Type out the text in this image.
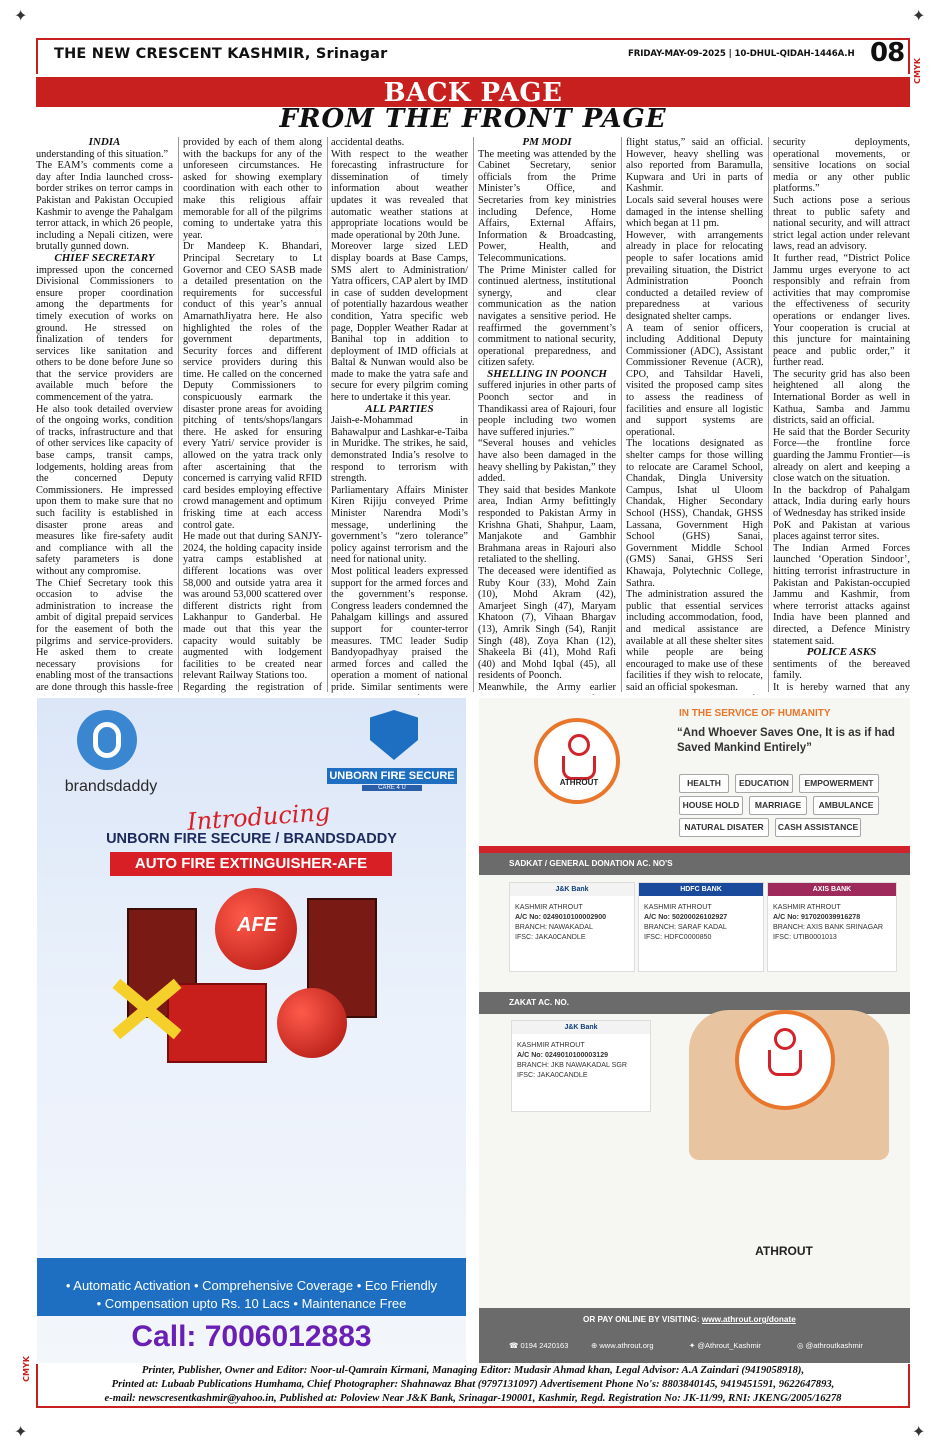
✦	✦
✦	✦
CMYK
CMYK
THE NEW CRESCENT KASHMIR, Srinagar	FRIDAY-MAY-09-2025 | 10-DHUL-QIDAH-1446A.H 08
BACK PAGE
FROM THE FRONT PAGE
INDIA

understanding of this situation.”

The EAM’s comments come a day after India launched cross-border strikes on terror camps in Pakistan and Pakistan Occupied Kashmir to avenge the Pahalgam terror attack, in which 26 people, including a Nepali citizen, were brutally gunned down.

CHIEF SECRETARY

impressed upon the concerned Divisional Commissioners to ensure proper coordination among the departments for timely execution of works on ground. He stressed on finalization of tenders for services like sanitation and others to be done before June so that the service providers are available much before the commencement of the yatra.

He also took detailed overview of the ongoing works, condition of tracks, infrastructure and that of other services like capacity of base camps, transit camps, lodgements, holding areas from the concerned Deputy Commissioners. He impressed upon them to make sure that no such facility is established in disaster prone areas and measures like fire-safety audit and compliance with all the safety parameters is done without any compromise.

The Chief Secretary took this occasion to advise the administration to increase the ambit of digital prepaid services for the easement of both the pilgrims and service-providers. He asked them to create necessary provisions for enabling most of the transactions are done through this hassle-free

provided by each of them along with the backups for any of the unforeseen circumstances. He asked for showing exemplary coordination with each other to make this religious affair memorable for all of the pilgrims coming to undertake yatra this year.

Dr Mandeep K. Bhandari, Principal Secretary to Lt Governor and CEO SASB made a detailed presentation on the requirements for successful conduct of this year’s annual AmarnathJiyatra here. He also highlighted the roles of the government departments, Security forces and different service providers during this time. He called on the concerned Deputy Commissioners to conspicuously earmark the disaster prone areas for avoiding pitching of tents/shops/langars there. He asked for ensuring every Yatri/ service provider is allowed on the yatra track only after ascertaining that the concerned is carrying valid RFID card besides employing effective crowd management and optimum frisking time at each access control gate.

He made out that during SANJY-2024, the holding capacity inside yatra camps established at different locations was over 58,000 and outside yatra area it was around 53,000 scattered over different districts right from Lakhanpur to Ganderbal. He made out that this year the capacity would suitably be augmented with lodgement facilities to be created near relevant Railway Stations too.

Regarding the registration of

accidental deaths.

With respect to the weather forecasting infrastructure for dissemination of timely information about weather updates it was revealed that automatic weather stations at appropriate locations would be made operational by 20th June.

Moreover large sized LED display boards at Base Camps, SMS alert to Administration/ Yatra officers, CAP alert by IMD in case of sudden development of potentially hazardous weather condition, Yatra specific web page, Doppler Weather Radar at Banihal top in addition to deployment of IMD officials at Baltal & Nunwan would also be made to make the yatra safe and secure for every pilgrim coming here to undertake it this year.

ALL PARTIES

Jaish-e-Mohammad in Bahawalpur and Lashkar-e-Taiba in Muridke. The strikes, he said, demonstrated India’s resolve to respond to terrorism with strength.

Parliamentary Affairs Minister Kiren Rijiju conveyed Prime Minister Narendra Modi’s message, underlining the government’s “zero tolerance” policy against terrorism and the need for national unity.

Most political leaders expressed support for the armed forces and the government’s response. Congress leaders condemned the Pahalgam killings and assured support for counter-terror measures. TMC leader Sudip Bandyopadhyay praised the armed forces and called the operation a moment of national pride. Similar sentiments were

PM MODI

The meeting was attended by the Cabinet Secretary, senior officials from the Prime Minister’s Office, and Secretaries from key ministries including Defence, Home Affairs, External Affairs, Information & Broadcasting, Power, Health, and Telecommunications.

The Prime Minister called for continued alertness, institutional synergy, and clear communication as the nation navigates a sensitive period. He reaffirmed the government’s commitment to national security, operational preparedness, and citizen safety.

SHELLING IN POONCH

suffered injuries in other parts of Poonch sector and in Thandikassi area of Rajouri, four people including two women have suffered injuries.”

“Several houses and vehicles have also been damaged in the heavy shelling by Pakistan,” they added.

They said that besides Mankote area, Indian Army befittingly responded to Pakistan Army in Krishna Ghati, Shahpur, Laam, Manjakote and Gambhir Brahmana areas in Rajouri also retaliated to the shelling.

The deceased were identified as Ruby Kour (33), Mohd Zain (10), Mohd Akram (42), Amarjeet Singh (47), Maryam Khatoon (7), Vihaan Bhargav (13), Amrik Singh (54), Ranjit Singh (48), Zoya Khan (12), Shakeela Bi (41), Mohd Rafi (40) and Mohd Iqbal (45), all residents of Poonch.

Meanwhile, the Army earlier

flight status,” said an official. However, heavy shelling was also reported from Baramulla, Kupwara and Uri in parts of Kashmir.

Locals said several houses were damaged in the intense shelling which began at 11 pm.

However, with arrangements already in place for relocating people to safer locations amid prevailing situation, the District Administration Poonch conducted a detailed review of preparedness at various designated shelter camps.

A team of senior officers, including Additional Deputy Commissioner (ADC), Assistant Commissioner Revenue (ACR), CPO, and Tahsildar Haveli, visited the proposed camp sites to assess the readiness of facilities and ensure all logistic and support systems are operational.

The locations designated as shelter camps for those willing to relocate are Caramel School, Chandak, Dingla University Campus, Ishat ul Uloom Chandak, Higher Secondary School (HSS), Chandak, GHSS Lassana, Government High School (GHS) Sanai, Government Middle School (GMS) Sanai, GHSS Seri Khawaja, Polytechnic College, Sathra.

The administration assured the public that essential services including accommodation, food, and medical assistance are available at all these shelter sites while people are being encouraged to make use of these facilities if they wish to relocate, said an official spokesman.

security deployments, operational movements, or sensitive locations on social media or any other public platforms.”

Such actions pose a serious threat to public safety and national security, and will attract strict legal action under relevant laws, read an advisory.

It further read, “District Police Jammu urges everyone to act responsibly and refrain from activities that may compromise the effectiveness of security operations or endanger lives. Your cooperation is crucial at this juncture for maintaining peace and public order,” it further read.

The security grid has also been heightened all along the International Border as well in Kathua, Samba and Jammu districts, said an official.

He said that the Border Security Force—the frontline force guarding the Jammu Frontier—is already on alert and keeping a close watch on the situation.

In the backdrop of Pahalgam attack, India during early hours of Wednesday has striked inside

PoK and Pakistan at various places against terror sites.

The Indian Armed Forces launched ‘Operation Sindoor’, hitting terrorist infrastructure in Pakistan and Pakistan-occupied Jammu and Kashmir, from where terrorist attacks against India have been planned and directed, a Defence Ministry statement said.

POLICE ASKS

sentiments of the bereaved family.

It is hereby warned that any

brandsdaddy
UNBORN FIRE SECURE
CARE 4 U
Introducing
UNBORN FIRE SECURE / BRANDSDADDY
AUTO FIRE EXTINGUISHER-AFE
AFE
• Automatic Activation • Comprehensive Coverage • Eco Friendly
• Compensation upto Rs. 10 Lacs • Maintenance Free
Call: 7006012883
ATHROUT
IN THE SERVICE OF HUMANITY
“And Whoever Saves One, It is as if had Saved Mankind Entirely”
HEALTH	EDUCATION	EMPOWERMENT
HOUSE HOLD	MARRIAGE	AMBULANCE
NATURAL DISATER	CASH ASSISTANCE
SADKAT / GENERAL DONATION AC. NO'S
J&K Bank
KASHMIR ATHROUT
A/C No: 0249010100002900
BRANCH: NAWAKADAL
IFSC: JAKA0CANDLE
HDFC BANK
KASHMIR ATHROUT
A/C No: 50200026102927
BRANCH: SARAF KADAL
IFSC: HDFC0000850
AXIS BANK
KASHMIR ATHROUT
A/C No: 917020039916278
BRANCH: AXIS BANK SRINAGAR
IFSC: UTIB0001013
ZAKAT AC. NO.
J&K Bank
KASHMIR ATHROUT
A/C No: 0249010100003129
BRANCH: JKB NAWAKADAL SGR
IFSC: JAKA0CANDLE
ATHROUT
OR PAY ONLINE BY VISITING: www.athrout.org/donate
☎ 0194 2420163	⊕ www.athrout.org	✦ @Athrout_Kashmir	◎ @athroutkashmir
Printer, Publisher, Owner and Editor: Noor-ul-Qamrain Kirmani, Managing Editor: Mudasir Ahmad khan, Legal Advisor: A.A Zaindari (9419058918),
Printed at: Lubaab Publications Humhama, Chief Photographer: Shahnawaz Bhat (9797131097) Advertisement Phone No's: 8803840145, 9419451591, 9622647893,
e-mail: newscresentkashmir@yahoo.in, Published at: Poloview Near J&K Bank, Srinagar-190001, Kashmir, Regd. Registration No: JK-11/99, RNI: JKENG/2005/16278
